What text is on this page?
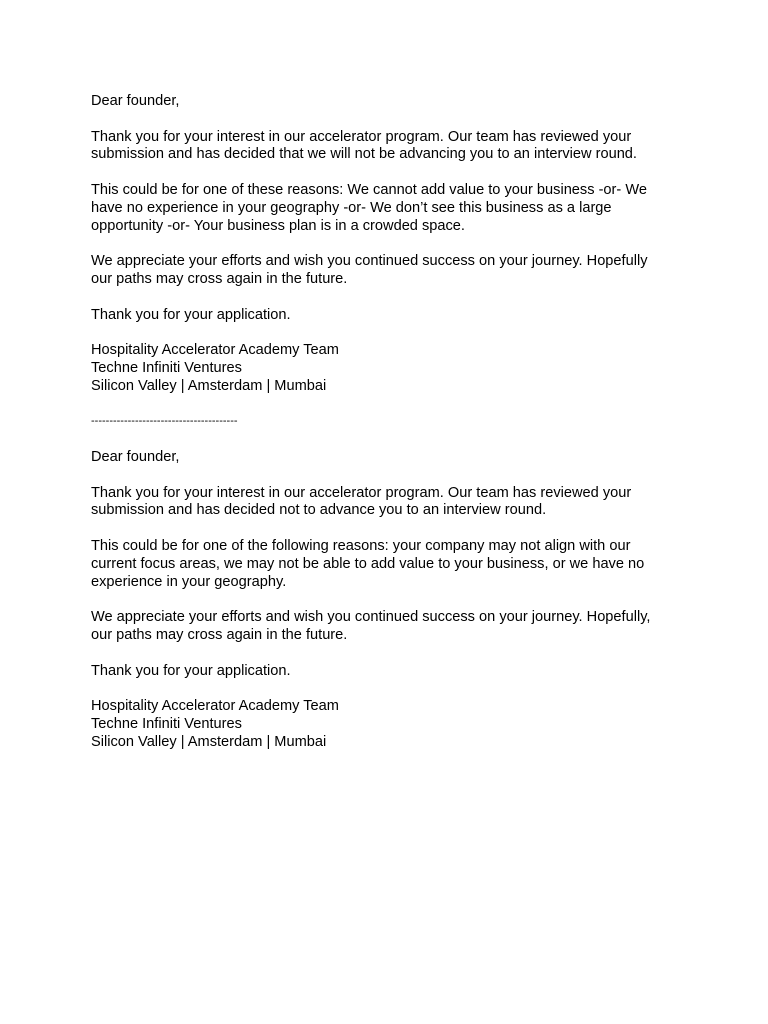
Dear founder,

Thank you for your interest in our accelerator program. Our team has reviewed your
submission and has decided that we will not be advancing you to an interview round.

This could be for one of these reasons: We cannot add value to your business -or- We
have no experience in your geography -or- We don’t see this business as a large
opportunity -or- Your business plan is in a crowded space.

We appreciate your efforts and wish you continued success on your journey. Hopefully
our paths may cross again in the future.

Thank you for your application.

Hospitality Accelerator Academy Team

Techne Infiniti Ventures

Silicon Valley | Amsterdam | Mumbai

----------------------------------------

Dear founder,

Thank you for your interest in our accelerator program. Our team has reviewed your
submission and has decided not to advance you to an interview round.

This could be for one of the following reasons: your company may not align with our
current focus areas, we may not be able to add value to your business, or we have no
experience in your geography.

We appreciate your efforts and wish you continued success on your journey. Hopefully,
our paths may cross again in the future.

Thank you for your application.

Hospitality Accelerator Academy Team

Techne Infiniti Ventures

Silicon Valley | Amsterdam | Mumbai
